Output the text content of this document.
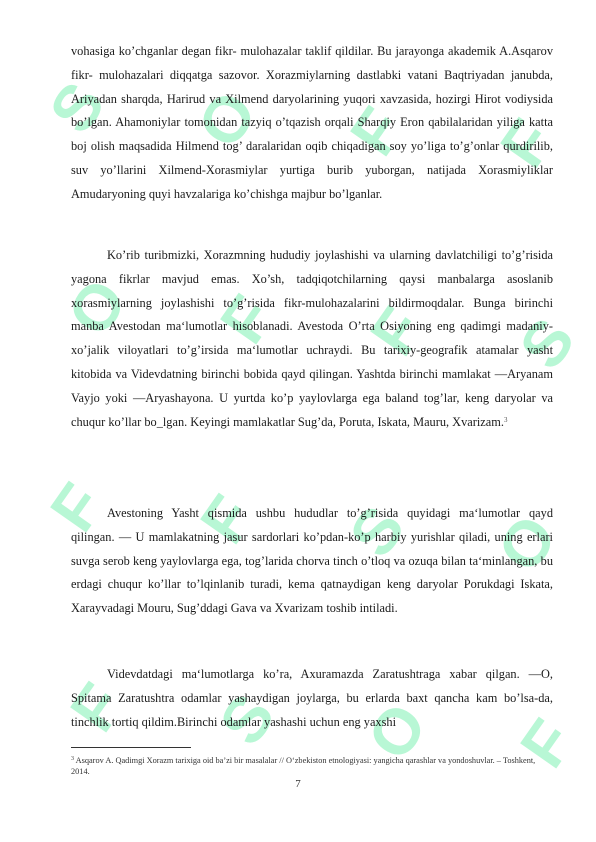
S O F F
O F F S
F F S O
F S O F

vohasiga ko’chganlar degan fikr- mulohazalar taklif qildilar. Bu jarayonga akademik A.Asqarov fikr- mulohazalari diqqatga sazovor. Xorazmiylarning dastlabki vatani Baqtriyadan janubda, Ariyadan sharqda, Harirud va Xilmend daryolarining yuqori xavzasida, hozirgi Hirot vodiysida bo’lgan. Ahamoniylar tomonidan tazyiq o’tqazish orqali Sharqiy Eron qabilalaridan yiliga katta boj olish maqsadida Hilmend tog’ daralaridan oqib chiqadigan soy yo’liga to’g’onlar qurdirilib, suv yo’llarini Xilmend-Xorasmiylar yurtiga burib yuborgan, natijada Xorasmiyliklar Amudaryoning quyi havzalariga ko’chishga majbur bo’lganlar.

Ko’rib turibmizki, Xorazmning hududiy joylashishi va ularning davlatchiligi to’g’risida yagona fikrlar mavjud emas. Xo’sh, tadqiqotchilarning qaysi manbalarga asoslanib xorasmiylarning joylashishi to’g’risida fikr-mulohazalarini bildirmoqdalar. Bunga birinchi manba Avestodan ma‘lumotlar hisoblanadi. Avestoda O’rta Osiyoning eng qadimgi madaniy-xo’jalik viloyatlari to’g’irsida ma‘lumotlar uchraydi. Bu tarixiy-geografik atamalar yasht kitobida va Videvdatning birinchi bobida qayd qilingan. Yashtda birinchi mamlakat —Aryanam Vayjo yoki —Aryashayona. U yurtda ko’p yaylovlarga ega baland tog’lar, keng daryolar va chuqur ko’llar bo_lgan. Keyingi mamlakatlar Sug’da, Poruta, Iskata, Mauru, Xvarizam.$^3$

Avestoning Yasht qismida ushbu hududlar to’g’risida quyidagi ma‘lumotlar qayd qilingan. — U mamlakatning jasur sardorlari ko’pdan-ko’p harbiy yurishlar qiladi, uning erlari suvga serob keng yaylovlarga ega, tog’larida chorva tinch o’tloq va ozuqa bilan ta‘minlangan, bu erdagi chuqur ko’llar to’lqinlanib turadi, kema qatnaydigan keng daryolar Porukdagi Iskata, Xarayvadagi Mouru, Sug’ddagi Gava va Xvarizam toshib intiladi.

Videvdatdagi ma‘lumotlarga ko’ra, Axuramazda Zaratushtraga xabar qilgan. —O, Spitama Zaratushtra odamlar yashaydigan joylarga, bu erlarda baxt qancha kam bo’lsa-da, tinchlik tortiq qildim.Birinchi odamlar yashashi uchun eng yaxshi

$^3$ Asqarov A. Qadimgi Xorazm tarixiga oid ba’zi bir masalalar // O‘zbekiston etnologiyasi: yangicha qarashlar va yondoshuvlar. – Toshkent, 2014.
7
